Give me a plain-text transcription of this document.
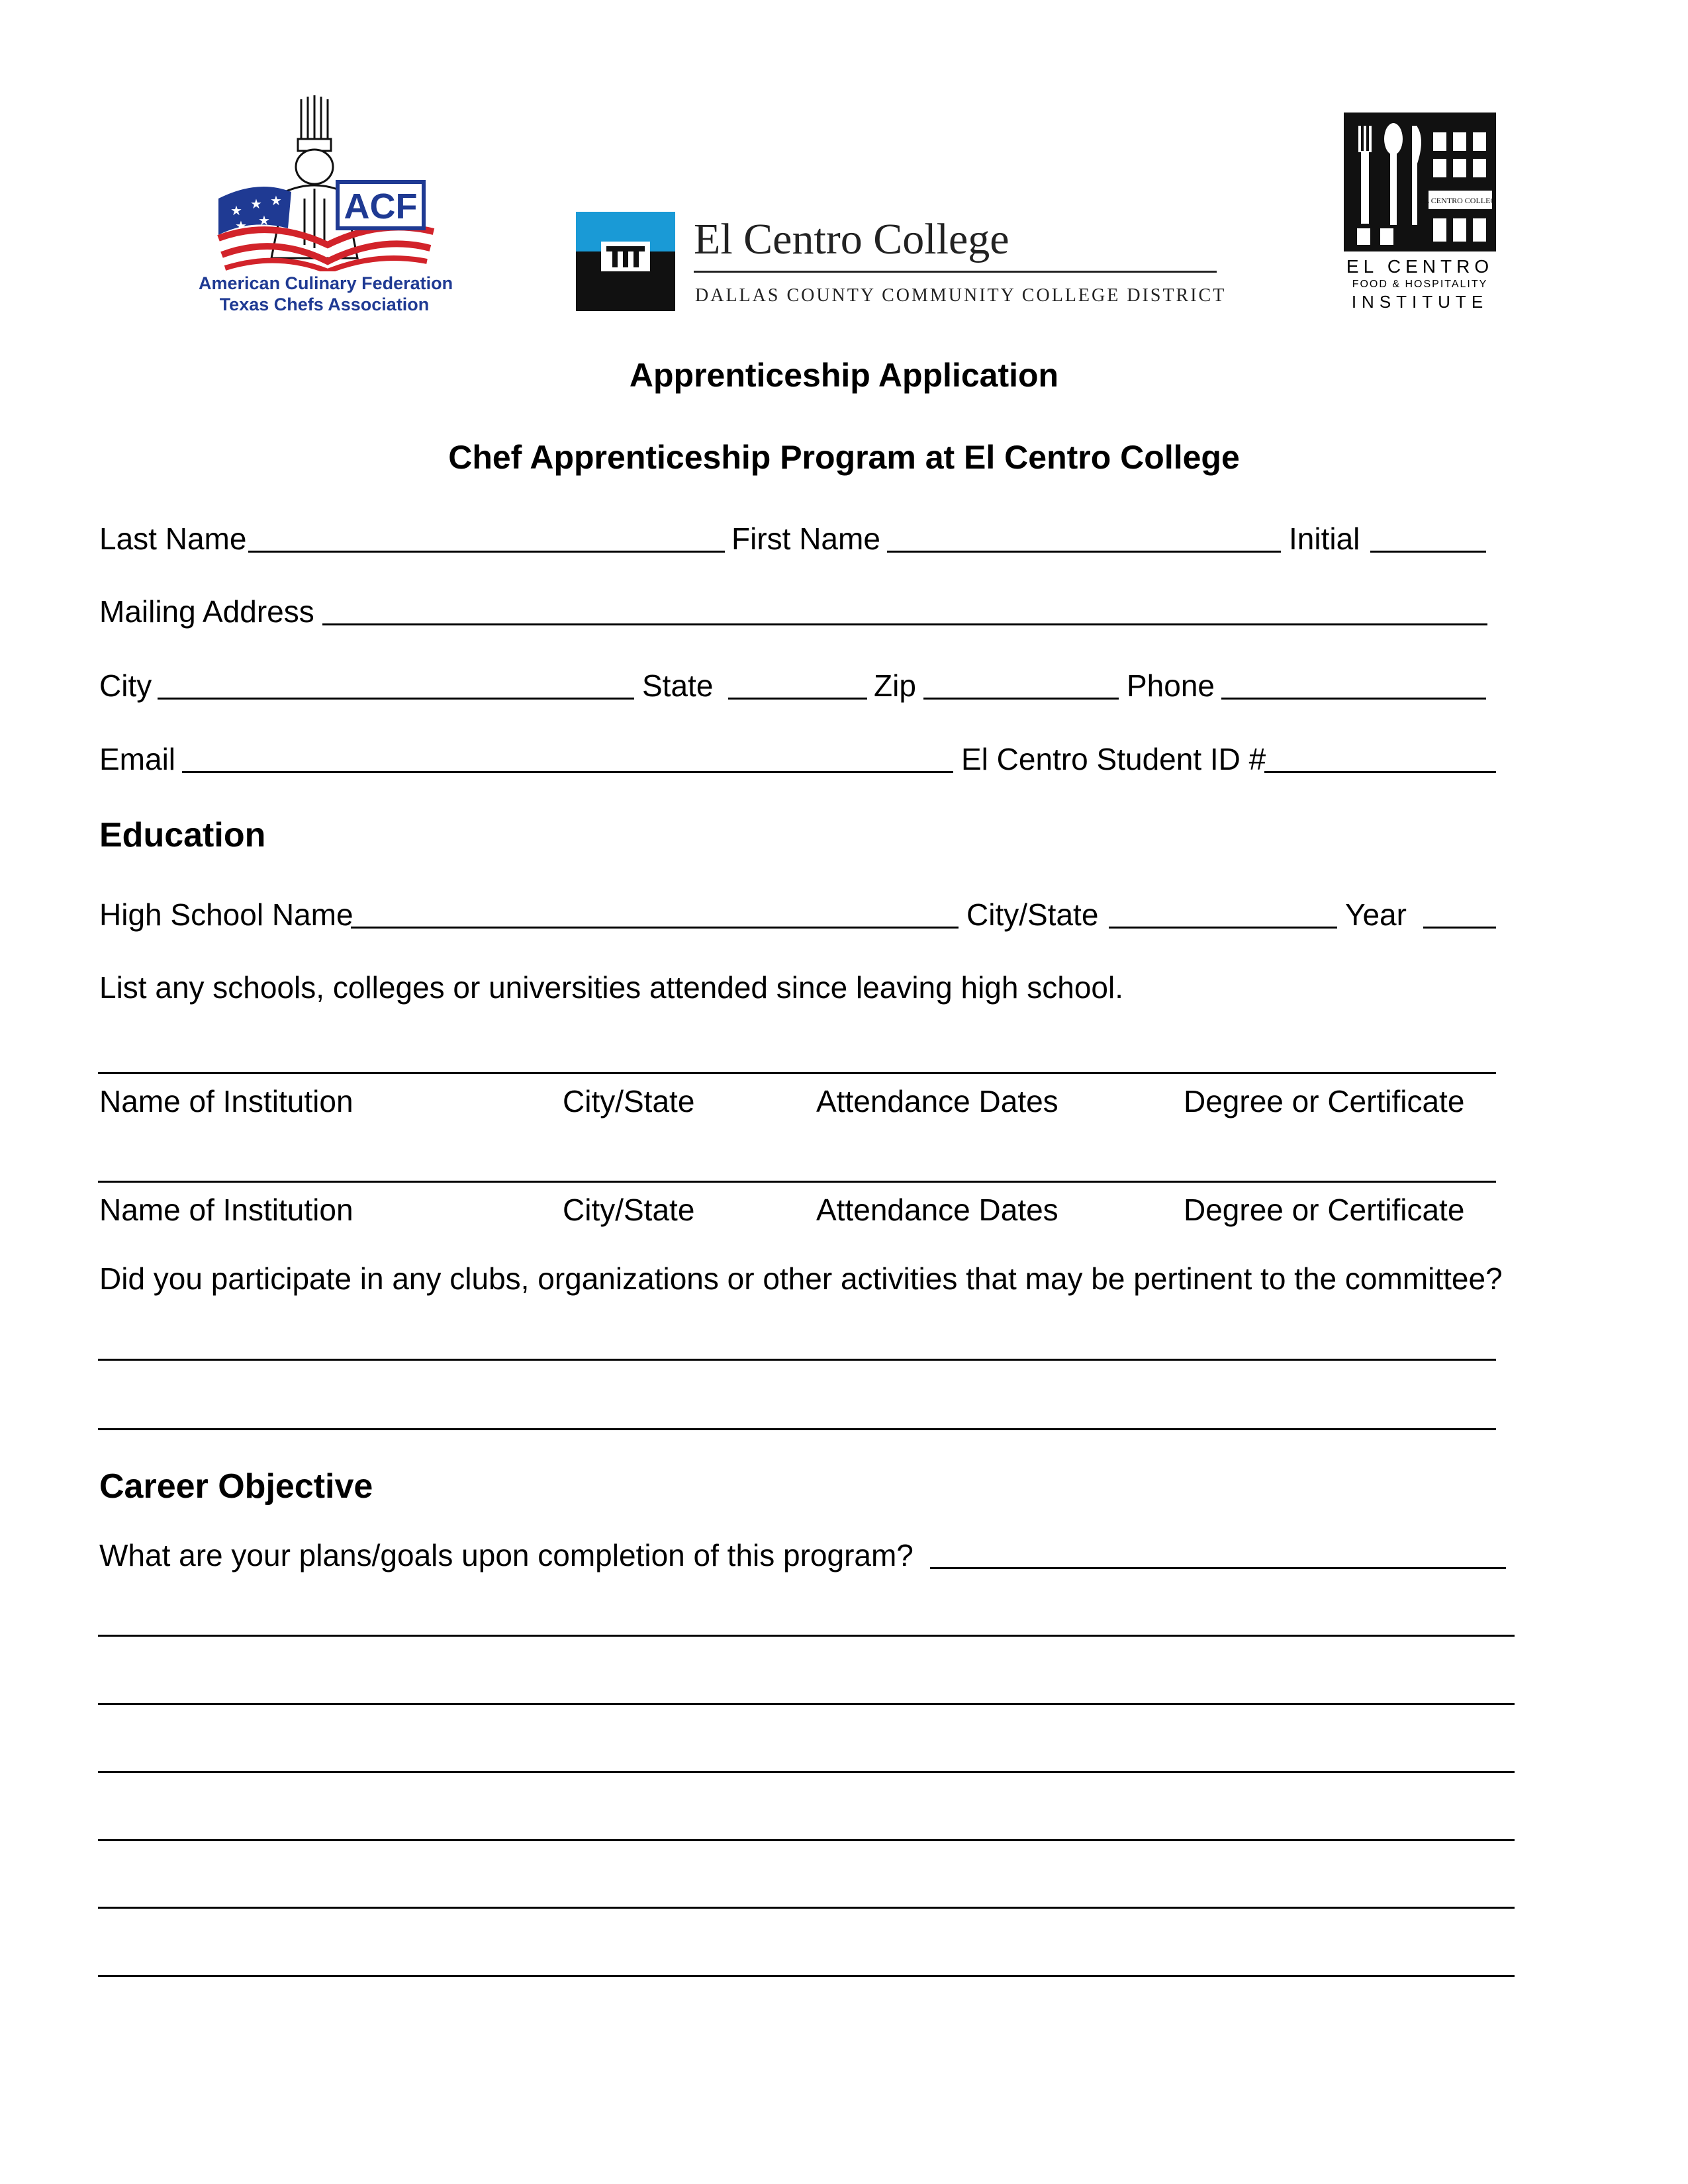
★ ★ ★
★ ★ ACF
American Culinary Federation
Texas Chefs Association
El Centro College
DALLAS COUNTY COMMUNITY COLLEGE DISTRICT
EL CENTRO COLLEGE
EL CENTRO
FOOD & HOSPITALITY
INSTITUTE
Apprenticeship Application
Chef Apprenticeship Program at El Centro College
Last Name	First Name	Initial
Mailing Address
City	State	Zip	Phone
Email	El Centro Student ID #
Education
High School Name	City/State	Year
List any schools, colleges or universities attended since leaving high school.
Name of Institution	City/State	Attendance Dates	Degree or Certificate
Name of Institution	City/State	Attendance Dates	Degree or Certificate
Did you participate in any clubs, organizations or other activities that may be pertinent to the committee?
Career Objective
What are your plans/goals upon completion of this program?
